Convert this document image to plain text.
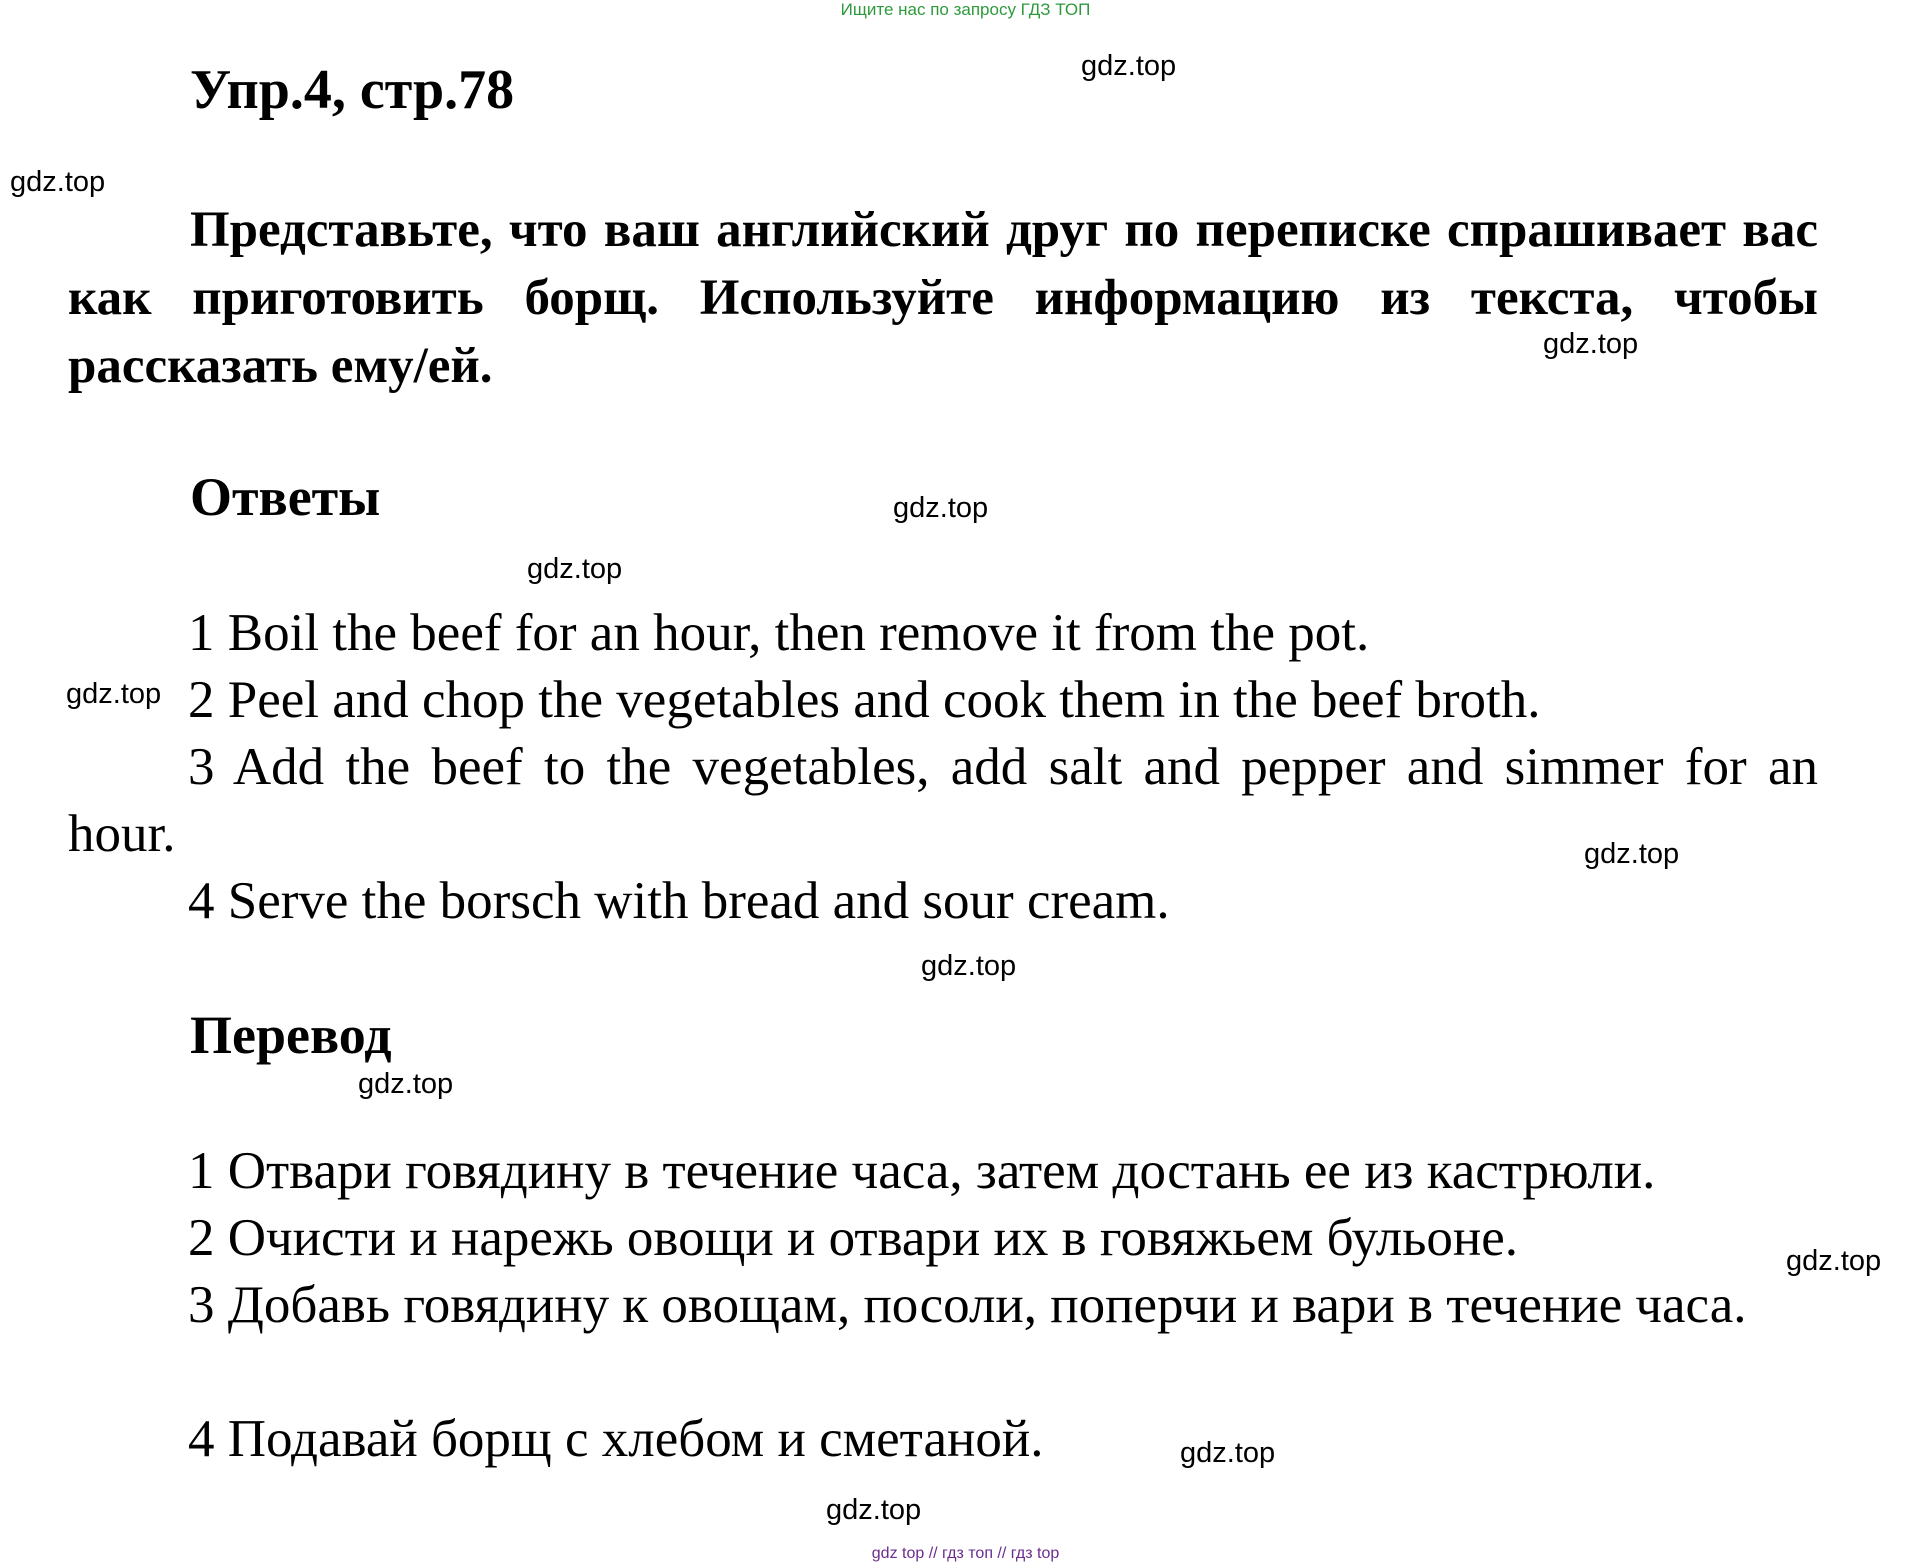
Ищите нас по запросу ГДЗ ТОП
Упр.4, стр.78
Представьте, что ваш английский друг по переписке спрашивает вас как приготовить борщ. Используйте информацию из текста, чтобы рассказать ему/ей.
Ответы

1 Boil the beef for an hour, then remove it from the pot.

2 Peel and chop the vegetables and cook them in the beef broth.

3 Add the beef to the vegetables, add salt and pepper and simmer for an hour.

4 Serve the borsch with bread and sour cream.

Перевод

1 Отвари говядину в течение часа, затем достань ее из кастрюли.

2 Очисти и нарежь овощи и отвари их в говяжьем бульоне.

3 Добавь говядину к овощам, посоли, поперчи и вари в течение часа.

4 Подавай борщ с хлебом и сметаной.

gdz.top
gdz.top
gdz.top
gdz.top
gdz.top
gdz.top
gdz.top
gdz.top
gdz.top
gdz.top
gdz.top
gdz.top
gdz top // гдз топ // гдз top
